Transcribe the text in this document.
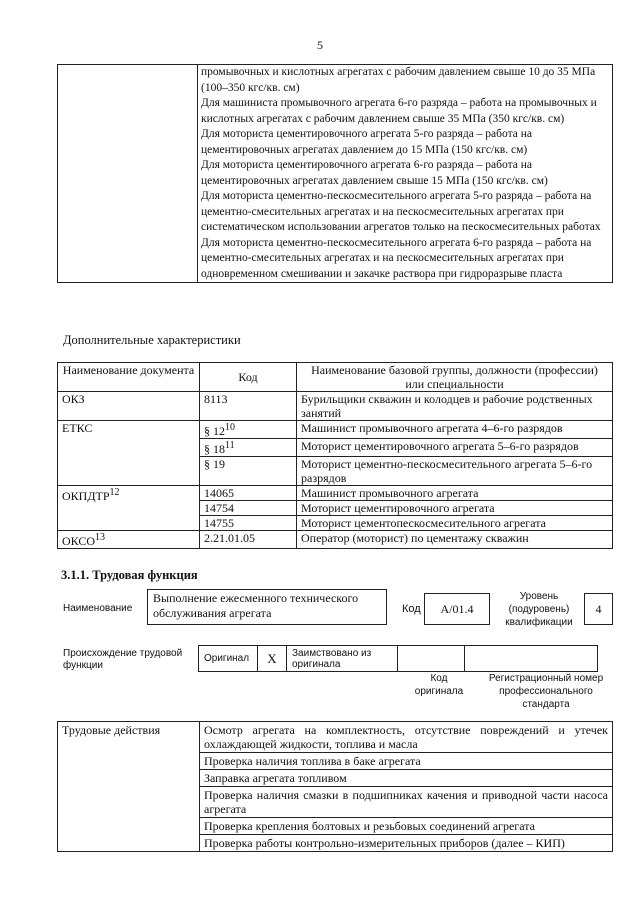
5

промывочных и кислотных агрегатах с рабочим давлением свыше 10 до 35 МПа (100–350 кгс/кв. см)
Для машиниста промывочного агрегата 6-го разряда – работа на промывочных и кислотных агрегатах с рабочим давлением свыше 35 МПа (350 кгс/кв. см)
Для моториста цементировочного агрегата 5-го разряда – работа на цементировочных агрегатах давлением до 15 МПа (150 кгс/кв. см)
Для моториста цементировочного агрегата 6-го разряда – работа на цементировочных агрегатах давлением свыше 15 МПа (150 кгс/кв. см)
Для моториста цементно-пескосмесительного агрегата 5-го разряда – работа на цементно-смесительных агрегатах и на пескосмесительных агрегатах при систематическом использовании агрегатов только на пескосмесительных работах
Для моториста цементно-пескосмесительного агрегата 6-го разряда – работа на цементно-смесительных агрегатах и на пескосмесительных агрегатах при одновременном смешивании и закачке раствора при гидроразрыве пласта
Дополнительные характеристики
Наименование документа	Код	Наименование базовой группы, должности (профессии) или специальности
ОКЗ	8113	Бурильщики скважин и колодцев и рабочие родственных занятий
ЕТКС	§ $12^{10}$	Машинист промывочного агрегата 4–6-го разрядов
	§ $18^{11}$	Моторист цементировочного агрегата 5–6-го разрядов
	§ 19	Моторист цементно-пескосмесительного агрегата 5–6-го разрядов
ОКПДТР$^{12}$	14065	Машинист промывочного агрегата
	14754	Моторист цементировочного агрегата
	14755	Моторист цементопескосмесительного агрегата
ОКСО$^{13}$	2.21.01.05	Оператор (моторист) по цементажу скважин
3.1.1. Трудовая функция
Наименование
Выполнение ежесменного технического обслуживания агрегата	Код	А/01.4
Уровень (подуровень) квалификации
4
Происхождение трудовой функции
Оригинал	X	Заимствовано из оригинала		
Код оригинала
Регистрационный номер профессионального стандарта
Трудовые действия	Осмотр агрегата на комплектность, отсутствие повреждений и утечек охлаждающей жидкости, топлива и масла
Проверка наличия топлива в баке агрегата
Заправка агрегата топливом
Проверка наличия смазки в подшипниках качения и приводной части насоса агрегата
Проверка крепления болтовых и резьбовых соединений агрегата
Проверка работы контрольно-измерительных приборов (далее – КИП)
